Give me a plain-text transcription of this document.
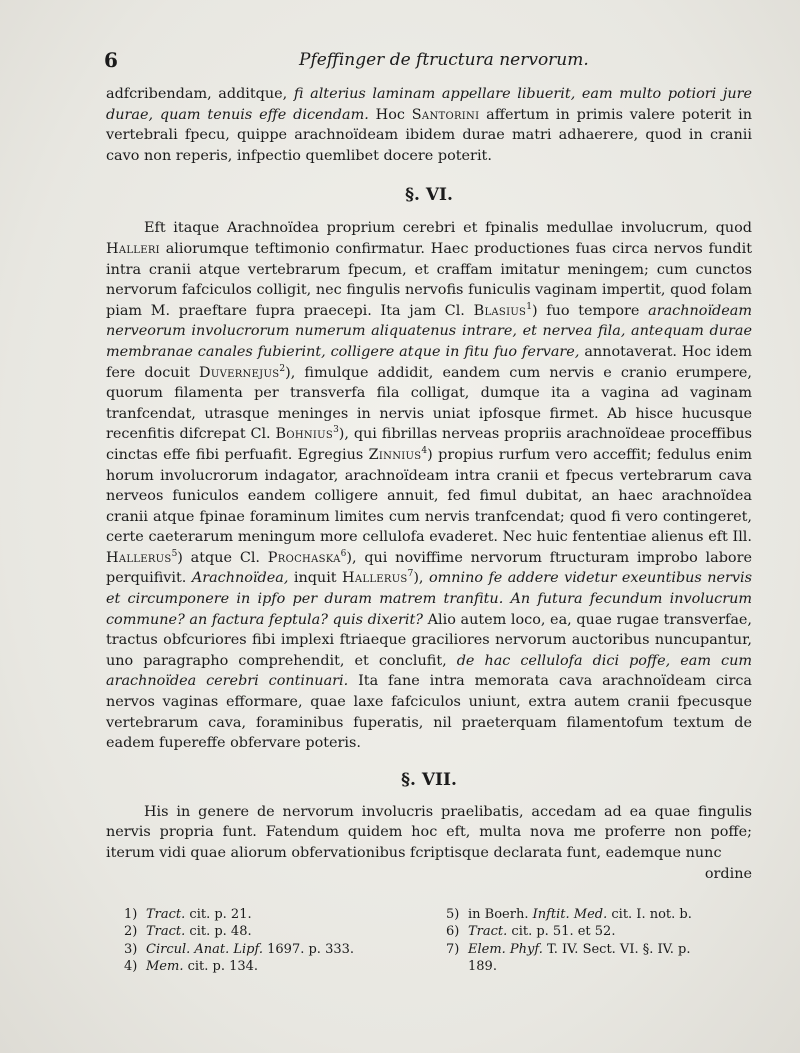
6	Pfeffinger de ftructura nervorum.

adfcribendam, additque, fi alterius laminam appellare libuerit, eam multo potiori jure durae, quam tenuis effe dicendam. Hoc Santorini affertum in primis valere poterit in vertebrali fpecu, quippe arachnoïdeam ibidem durae matri adhaerere, quod in cranii cavo non reperis, infpectio quemlibet docere poterit.

§. VI.

Eft itaque Arachnoïdea proprium cerebri et fpinalis medullae involucrum, quod Halleri aliorumque teftimonio confirmatur. Haec productiones fuas circa nervos fundit intra cranii atque vertebrarum fpecum, et craffam imitatur meningem; cum cunctos nervorum fafciculos colligit, nec fingulis nervofis funiculis vaginam impertit, quod folam piam M. praeftare fupra praecepi. Ita jam Cl. Blasius$^1$) fuo tempore arachnoïdeam nerveorum involucrorum numerum aliquatenus intrare, et nervea fila, antequam durae membranae canales fubierint, colligere atque in fitu fuo fervare, annotaverat. Hoc idem fere docuit Duvernejus$^2$), fimulque addidit, eandem cum nervis e cranio erumpere, quorum filamenta per transverfa fila colligat, dumque ita a vagina ad vaginam tranfcendat, utrasque meninges in nervis uniat ipfosque firmet. Ab hisce hucusque recenfitis difcrepat Cl. Bohnius$^3$), qui fibrillas nerveas propriis arachnoïdeae proceffibus cinctas effe fibi perfuafit. Egregius Zinnius$^4$) propius rurfum vero acceffit; fedulus enim horum involucrorum indagator, arachnoïdeam intra cranii et fpecus vertebrarum cava nerveos funiculos eandem colligere annuit, fed fimul dubitat, an haec arachnoïdea cranii atque fpinae foraminum limites cum nervis tranfcendat; quod fi vero contingeret, certe caeterarum meningum more cellulofa evaderet. Nec huic fententiae alienus eft Ill. Hallerus$^5$) atque Cl. Prochaska$^6$), qui noviffime nervorum ftructuram improbo labore perquifivit. Arachnoïdea, inquit Hallerus$^7$), omnino fe addere videtur exeuntibus nervis et circumponere in ipfo per duram matrem tranfitu. An futura fecundum involucrum commune? an factura feptula? quis dixerit? Alio autem loco, ea, quae rugae transverfae, tractus obfcuriores fibi implexi ftriaeque graciliores nervorum auctoribus nuncupantur, uno paragrapho comprehendit, et conclufit, de hac cellulofa dici poffe, eam cum arachnoïdea cerebri continuari. Ita fane intra memorata cava arachnoïdeam circa nervos vaginas efformare, quae laxe fafciculos uniunt, extra autem cranii fpecusque vertebrarum cava, foraminibus fuperatis, nil praeterquam filamentofum textum de eadem fupereffe obfervare poteris.

§. VII.

His in genere de nervorum involucris praelibatis, accedam ad ea quae fingulis nervis propria funt. Fatendum quidem hoc eft, multa nova me proferre non poffe; iterum vidi quae aliorum obfervationibus fcriptisque declarata funt, eademque nunc

ordine

1) Tract. cit. p. 21.	5) in Boerh. Inftit. Med. cit. I. not. b.
2) Tract. cit. p. 48.	6) Tract. cit. p. 51. et 52.
3) Circul. Anat. Lipf. 1697. p. 333.	7) Elem. Phyf. T. IV. Sect. VI. §. IV. p.
4) Mem. cit. p. 134.	189.
